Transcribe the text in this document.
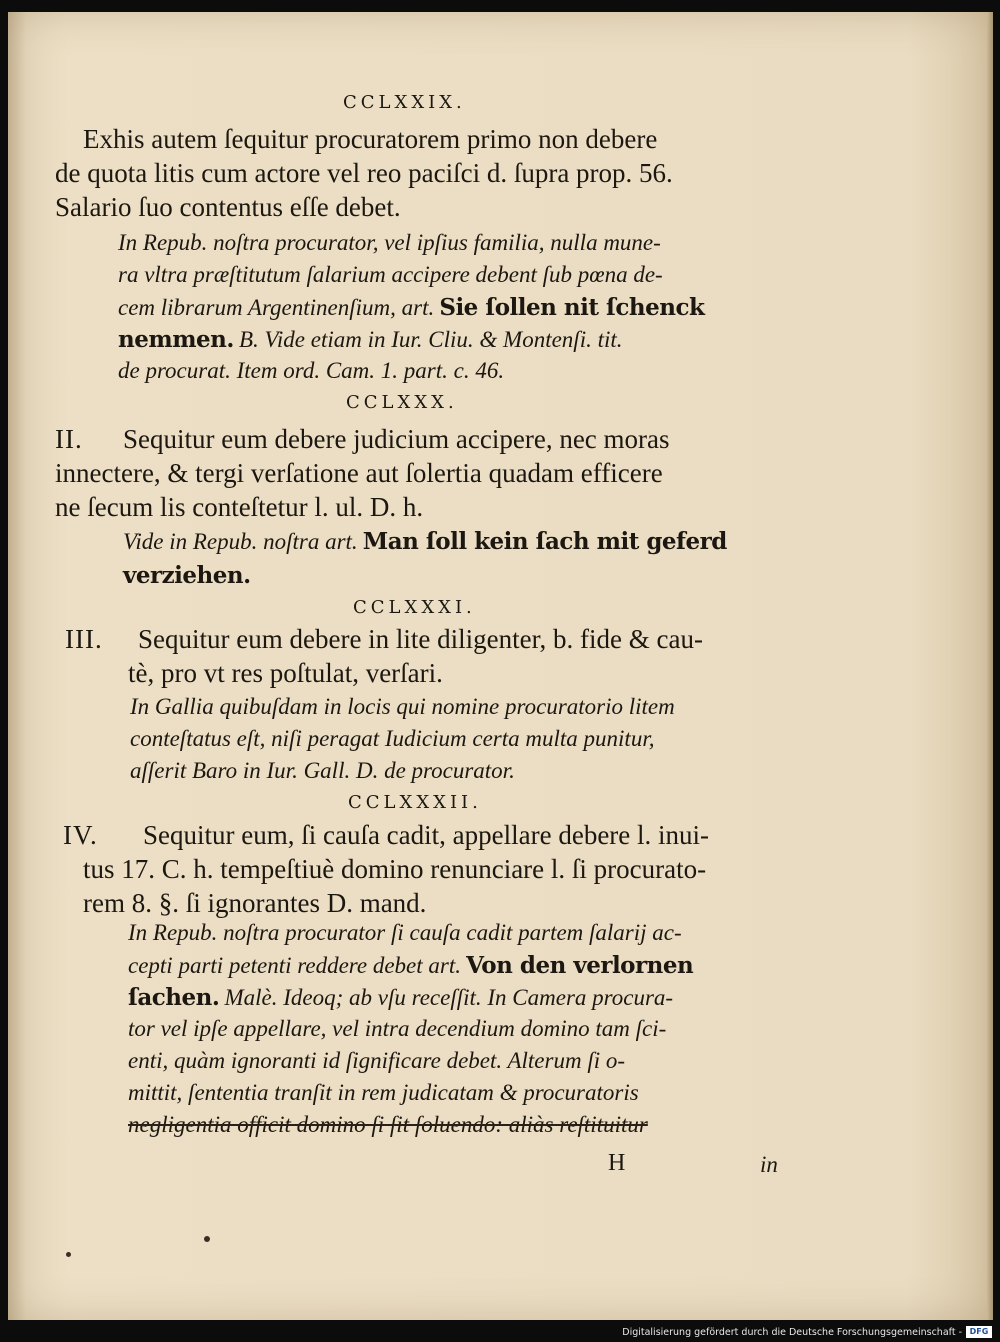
CCLXXIX.
Exhis autem ſequitur procuratorem primo non debere
de quota litis cum actore vel reo paciſci d. ſupra prop. 56.
Salario ſuo contentus eſſe debet.
In Repub. noſtra procurator, vel ipſius familia, nulla mune-
ra vltra præſtitutum ſalarium accipere debent ſub pœna de-
cem librarum Argentinenſium, art. Sie ſollen nit ſchenck
nemmen. B. Vide etiam in Iur. Cliu. & Montenſi. tit.
de procurat. Item ord. Cam. 1. part. c. 46.
CCLXXX.
II. Sequitur eum debere judicium accipere, nec moras
innectere, & tergi verſatione aut ſolertia quadam efficere
ne ſecum lis conteſtetur l. ul. D. h.
Vide in Repub. noſtra art. Man ſoll kein ſach mit geferd
verziehen.
CCLXXXI.
III. Sequitur eum debere in lite diligenter, b. fide & cau-
tè, pro vt res poſtulat, verſari.
In Gallia quibuſdam in locis qui nomine procuratorio litem
conteſtatus eſt, niſi peragat Iudicium certa multa punitur,
aſſerit Baro in Iur. Gall. D. de procurator.
CCLXXXII.
IV. Sequitur eum, ſi cauſa cadit, appellare debere l. inui-
tus 17. C. h. tempeſtiuè domino renunciare l. ſi procurato-
rem 8. §. ſi ignorantes D. mand.
In Repub. noſtra procurator ſi cauſa cadit partem ſalarij ac-
cepti parti petenti reddere debet art. Von den verlornen
ſachen. Malè. Ideoq; ab vſu receſſit. In Camera procura-
tor vel ipſe appellare, vel intra decendium domino tam ſci-
enti, quàm ignoranti id ſignificare debet. Alterum ſi o-
mittit, ſententia tranſit in rem judicatam & procuratoris
negligentia officit domino ſi ſit ſoluendo: aliàs reſtituitur
H	in
Digitalisierung gefördert durch die Deutsche Forschungsgemeinschaft - DFG
